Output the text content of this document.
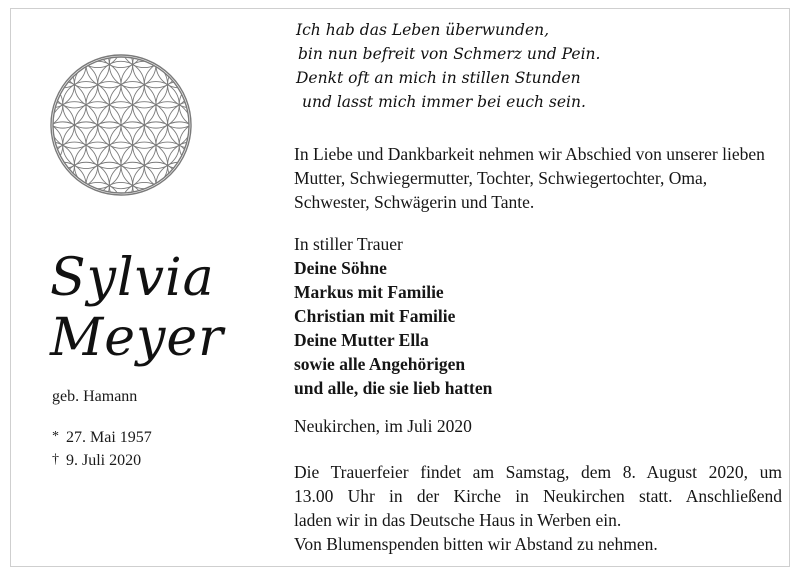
Sylvia
Meyer
geb. Hamann
* 27. Mai 1957
† 9. Juli 2020
Ich hab das Leben überwunden,
bin nun befreit von Schmerz und Pein.
Denkt oft an mich in stillen Stunden
und lasst mich immer bei euch sein.
In Liebe und Dankbarkeit nehmen wir Abschied von unserer lieben Mutter, Schwiegermutter, Tochter, Schwiegertochter, Oma, Schwester, Schwägerin und Tante.
In stiller Trauer
Deine Söhne
Markus mit Familie
Christian mit Familie
Deine Mutter Ella
sowie alle Angehörigen
und alle, die sie lieb hatten
Neukirchen, im Juli 2020
Die Trauerfeier findet am Samstag, dem 8. August 2020, um
13.00 Uhr in der Kirche in Neukirchen statt. Anschließend
laden wir in das Deutsche Haus in Werben ein.
Von Blumenspenden bitten wir Abstand zu nehmen.
